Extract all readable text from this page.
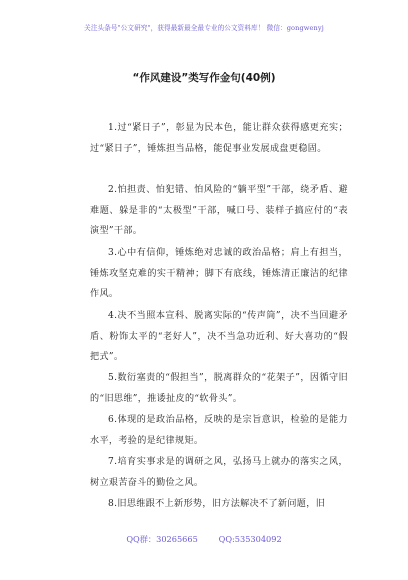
关注头条号"公文研究"，获得最新最全最专业的公文资料库！ 微信：gongwenyj
“作风建设”类写作金句(40例)

1.过“紧日子”，彰显为民本色，能让群众获得感更充实；过“紧日子”，锤炼担当品格，能促事业发展成盘更稳固。

2.怕担责、怕犯错、怕风险的“躺平型”干部，绕矛盾、避难题、躲是非的“太极型”干部，喊口号、装样子搞应付的“表演型”干部。

3.心中有信仰，锤炼绝对忠诚的政治品格；肩上有担当，锤炼攻坚克难的实干精神；脚下有底线，锤炼清正廉洁的纪律作风。

4.决不当照本宣科、脱离实际的“传声筒”，决不当回避矛盾、粉饰太平的“老好人”，决不当急功近利、好大喜功的“假把式”。

5.数衍塞责的“假担当”，脱离群众的“花架子”，因循守旧的“旧思维”，推诿扯皮的“软骨头”。

6.体现的是政治品格，反映的是宗旨意识，检验的是能力水平，考验的是纪律规矩。

7.培育实事求是的调研之风，弘扬马上就办的落实之风，树立艰苦奋斗的勤俭之风。

8.旧思维跟不上新形势，旧方法解决不了新问题，旧

QQ群：30265665        QQ:535304092
